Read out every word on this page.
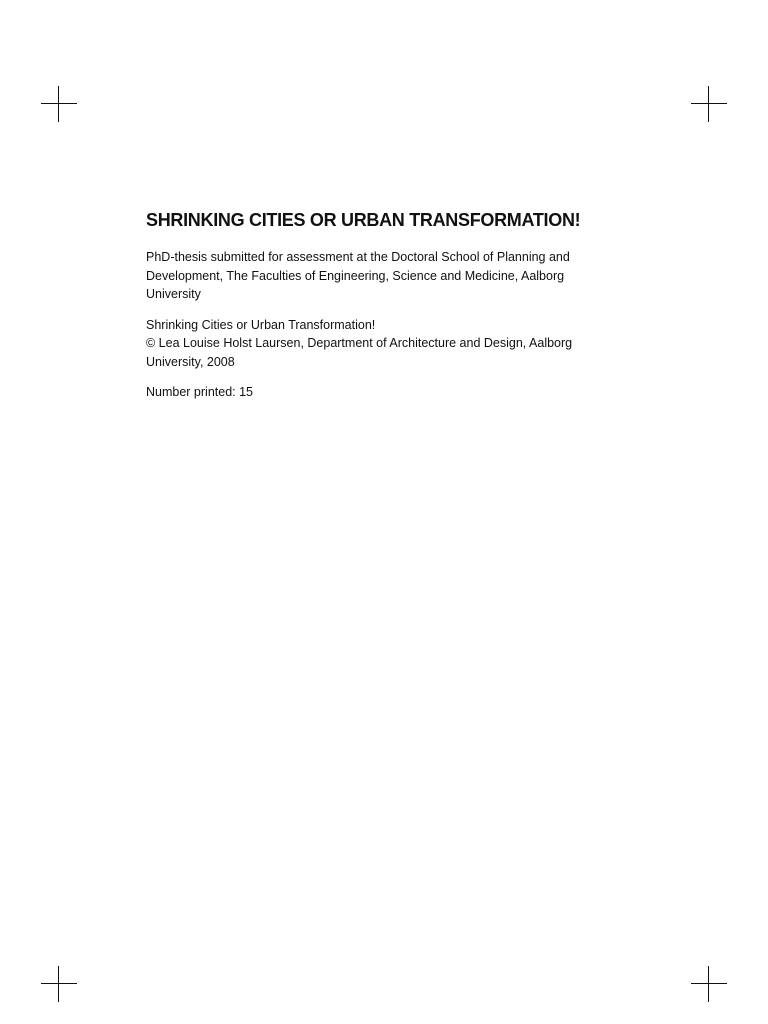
SHRINKING CITIES OR URBAN TRANSFORMATION!

PhD-thesis submitted for assessment at the Doctoral School of Planning and Development, The Faculties of Engineering, Science and Medicine, Aalborg University

Shrinking Cities or Urban Transformation!
© Lea Louise Holst Laursen, Department of Architecture and Design, Aalborg University, 2008

Number printed: 15
